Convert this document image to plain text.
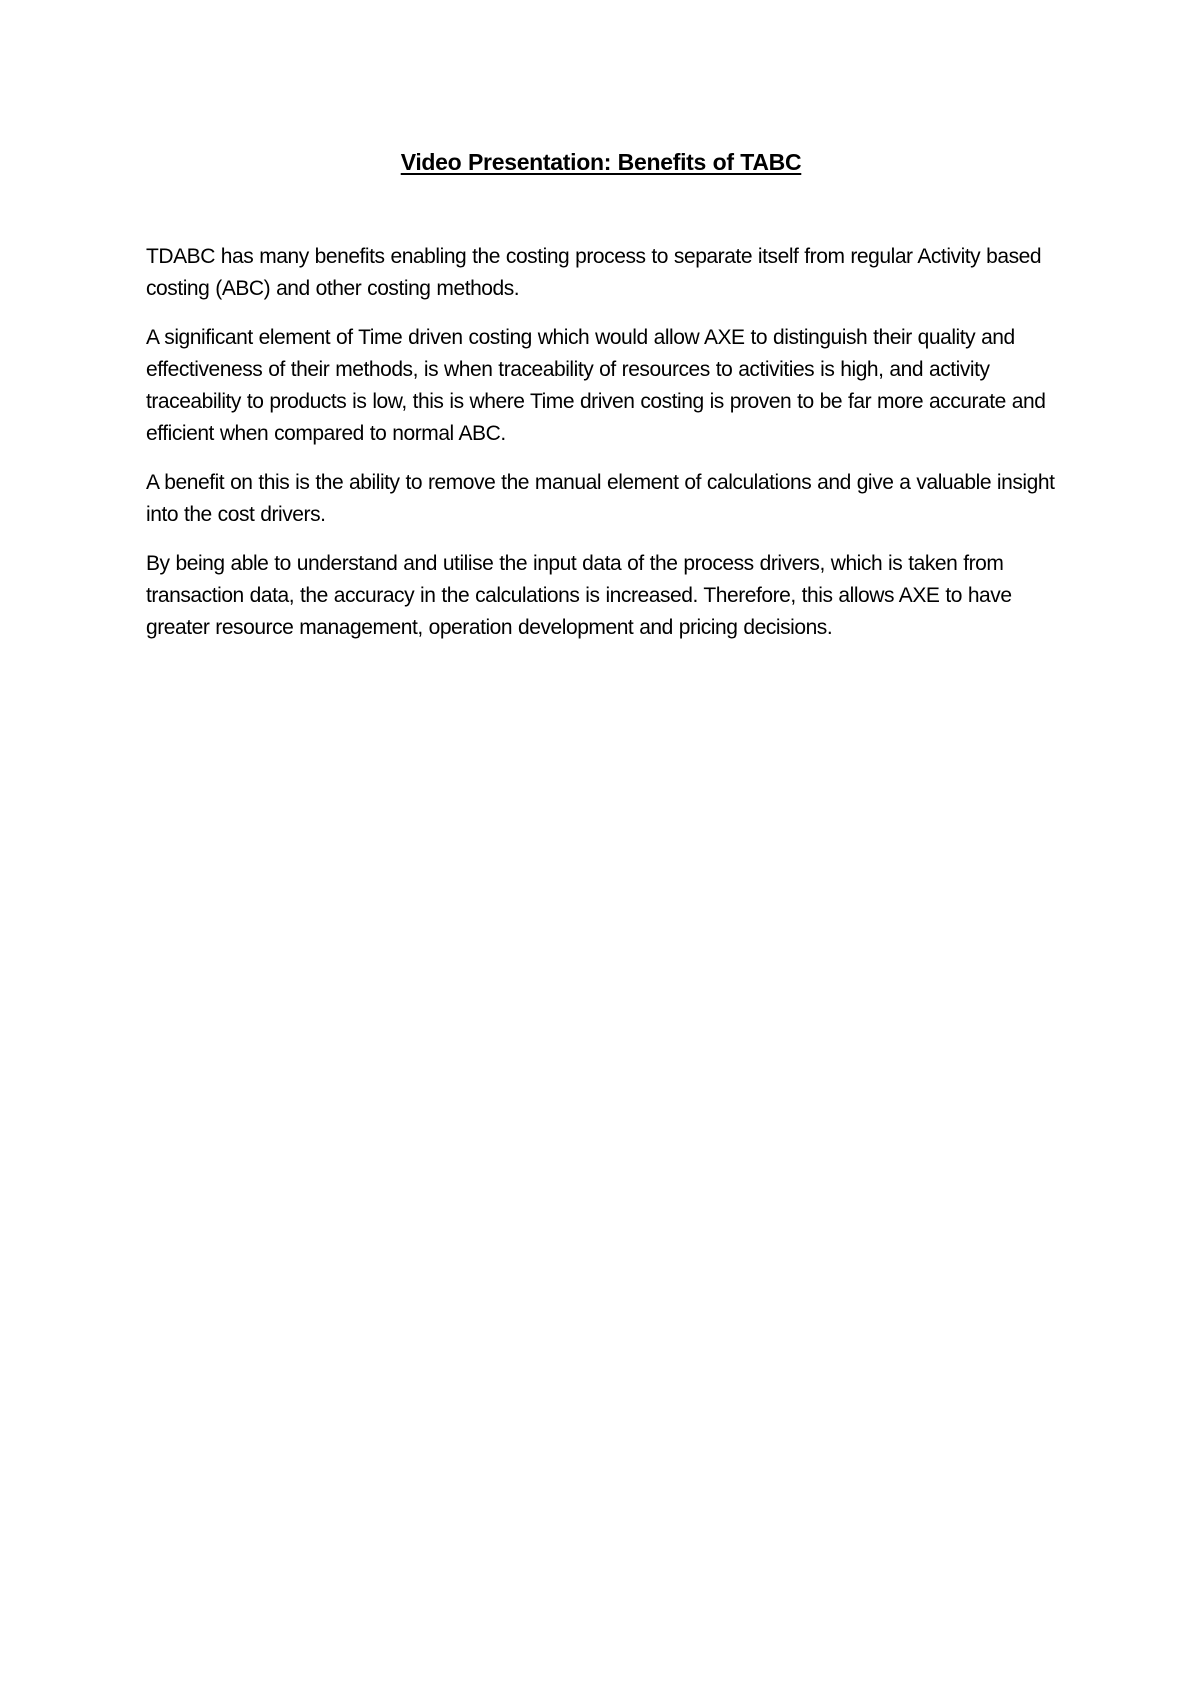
Video Presentation: Benefits of TABC

TDABC has many benefits enabling the costing process to separate itself from regular Activity based costing (ABC) and other costing methods.

A significant element of Time driven costing which would allow AXE to distinguish their quality and effectiveness of their methods, is when traceability of resources to activities is high, and activity traceability to products is low, this is where Time driven costing is proven to be far more accurate and efficient when compared to normal ABC.

A benefit on this is the ability to remove the manual element of calculations and give a valuable insight into the cost drivers.

By being able to understand and utilise the input data of the process drivers, which is taken from transaction data, the accuracy in the calculations is increased. Therefore, this allows AXE to have greater resource management, operation development and pricing decisions.
